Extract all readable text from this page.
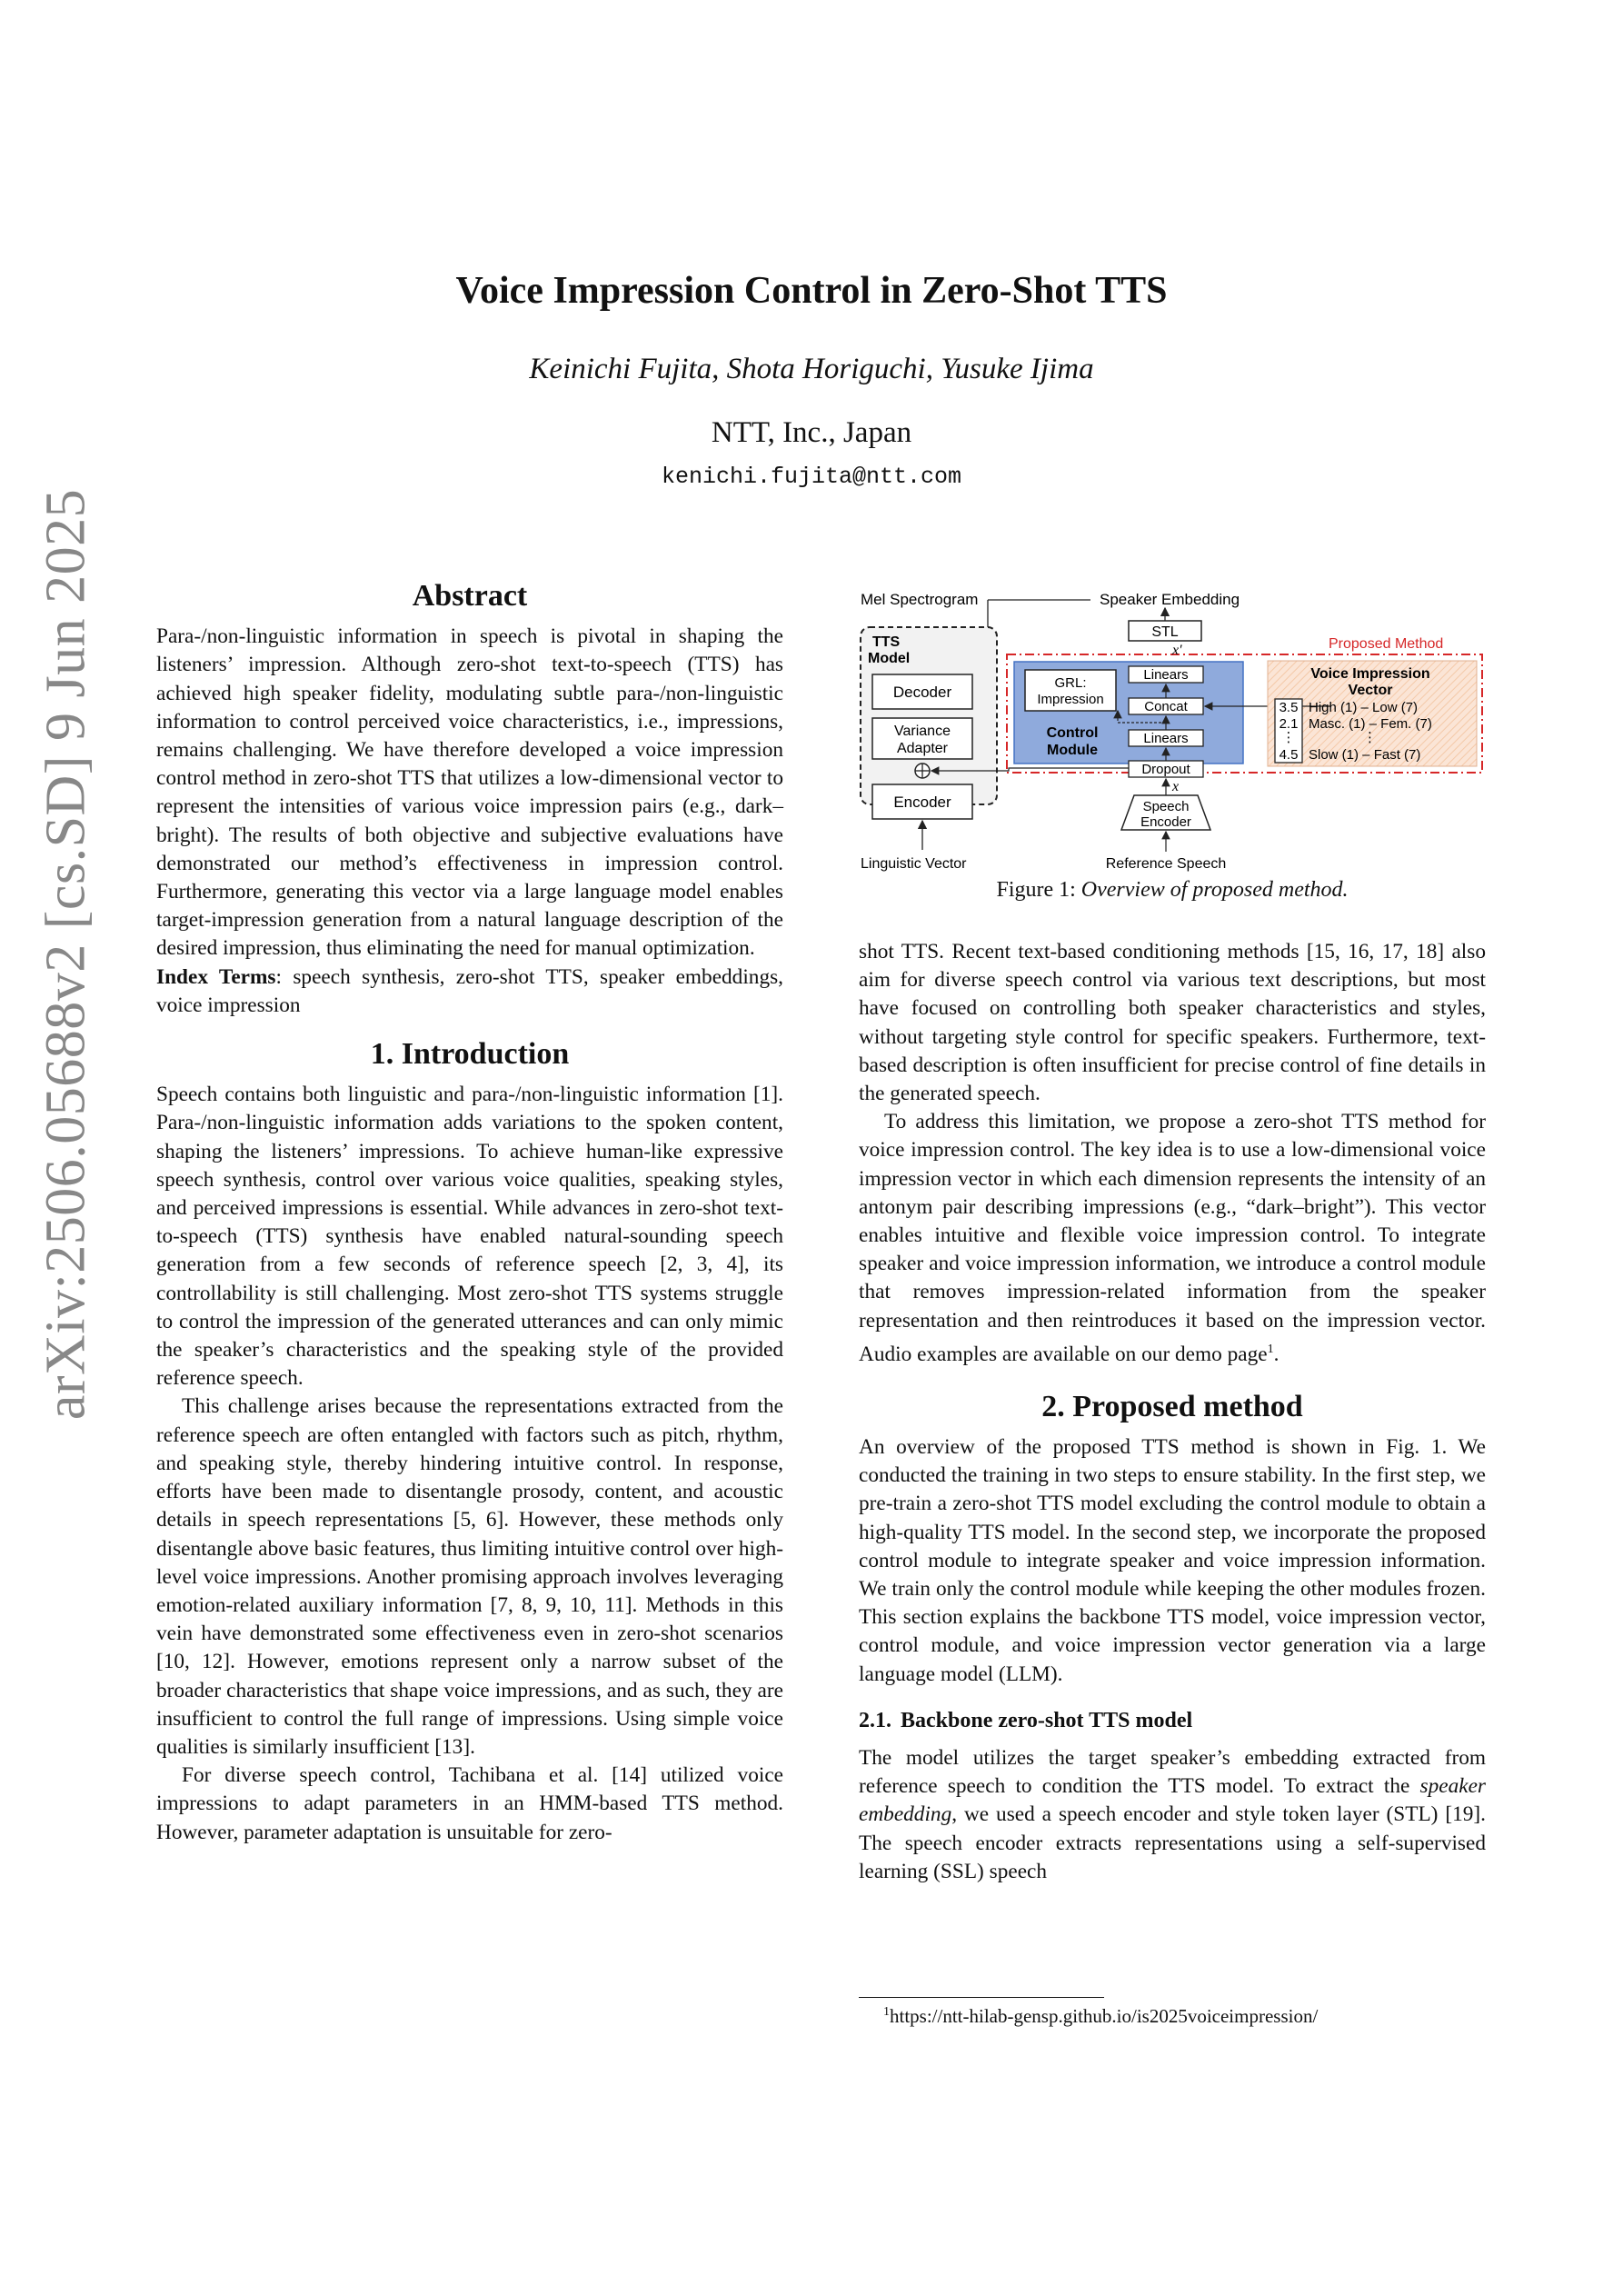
arXiv:2506.05688v2 [cs.SD] 9 Jun 2025
Voice Impression Control in Zero-Shot TTS
Keinichi Fujita, Shota Horiguchi, Yusuke Ijima
NTT, Inc., Japan
kenichi.fujita@ntt.com
Abstract

Para-/non-linguistic information in speech is pivotal in shaping the listeners’ impression. Although zero-shot text-to-speech (TTS) has achieved high speaker fidelity, modulating subtle para-/non-linguistic information to control perceived voice characteristics, i.e., impressions, remains challenging. We have therefore developed a voice impression control method in zero-shot TTS that utilizes a low-dimensional vector to represent the intensities of various voice impression pairs (e.g., dark–bright). The results of both objective and subjective evaluations have demonstrated our method’s effectiveness in impression control. Furthermore, generating this vector via a large language model enables target-impression generation from a natural language description of the desired impression, thus eliminating the need for manual optimization.

Index Terms: speech synthesis, zero-shot TTS, speaker embeddings, voice impression

1. Introduction

Speech contains both linguistic and para-/non-linguistic information [1]. Para-/non-linguistic information adds variations to the spoken content, shaping the listeners’ impressions. To achieve human-like expressive speech synthesis, control over various voice qualities, speaking styles, and perceived impressions is essential. While advances in zero-shot text-to-speech (TTS) synthesis have enabled natural-sounding speech generation from a few seconds of reference speech [2, 3, 4], its controllability is still challenging. Most zero-shot TTS systems struggle to control the impression of the generated utterances and can only mimic the speaker’s characteristics and the speaking style of the provided reference speech.

This challenge arises because the representations extracted from the reference speech are often entangled with factors such as pitch, rhythm, and speaking style, thereby hindering intuitive control. In response, efforts have been made to disentangle prosody, content, and acoustic details in speech representations [5, 6]. However, these methods only disentangle above basic features, thus limiting intuitive control over high-level voice impressions. Another promising approach involves leveraging emotion-related auxiliary information [7, 8, 9, 10, 11]. Methods in this vein have demonstrated some effectiveness even in zero-shot scenarios [10, 12]. However, emotions represent only a narrow subset of the broader characteristics that shape voice impressions, and as such, they are insufficient to control the full range of impressions. Using simple voice qualities is similarly insufficient [13].

For diverse speech control, Tachibana et al. [14] utilized voice impressions to adapt parameters in an HMM-based TTS method. However, parameter adaptation is unsuitable for zero-

Mel Spectrogram	Speaker Embedding
TTS
Model
Decoder
Variance
Adapter
Encoder
Linguistic Vector
Proposed Method
STL
x′
GRL:
Impression
Control
Module
Linears
Concat
Linears
Dropout
x
Speech
Encoder
Reference Speech
Voice Impression
Vector
3.5
2.1
⋮
4.5
High (1) – Low (7)
Masc. (1) – Fem. (7)
⋮
Slow (1) – Fast (7)
Figure 1: Overview of proposed method.

shot TTS. Recent text-based conditioning methods [15, 16, 17, 18] also aim for diverse speech control via various text descriptions, but most have focused on controlling both speaker characteristics and styles, without targeting style control for specific speakers. Furthermore, text-based description is often insufficient for precise control of fine details in the generated speech.

To address this limitation, we propose a zero-shot TTS method for voice impression control. The key idea is to use a low-dimensional voice impression vector in which each dimension represents the intensity of an antonym pair describing impressions (e.g., “dark–bright”). This vector enables intuitive and flexible voice impression control. To integrate speaker and voice impression information, we introduce a control module that removes impression-related information from the speaker representation and then reintroduces it based on the impression vector. Audio examples are available on our demo page$^1$.

2. Proposed method

An overview of the proposed TTS method is shown in Fig. 1. We conducted the training in two steps to ensure stability. In the first step, we pre-train a zero-shot TTS model excluding the control module to obtain a high-quality TTS model. In the second step, we incorporate the proposed control module to integrate speaker and voice impression information. We train only the control module while keeping the other modules frozen. This section explains the backbone TTS model, voice impression vector, control module, and voice impression vector generation via a large language model (LLM).

2.1. Backbone zero-shot TTS model

The model utilizes the target speaker’s embedding extracted from reference speech to condition the TTS model. To extract the speaker embedding, we used a speech encoder and style token layer (STL) [19]. The speech encoder extracts representations using a self-supervised learning (SSL) speech

$^1$https://ntt-hilab-gensp.github.io/is2025voiceimpression/
